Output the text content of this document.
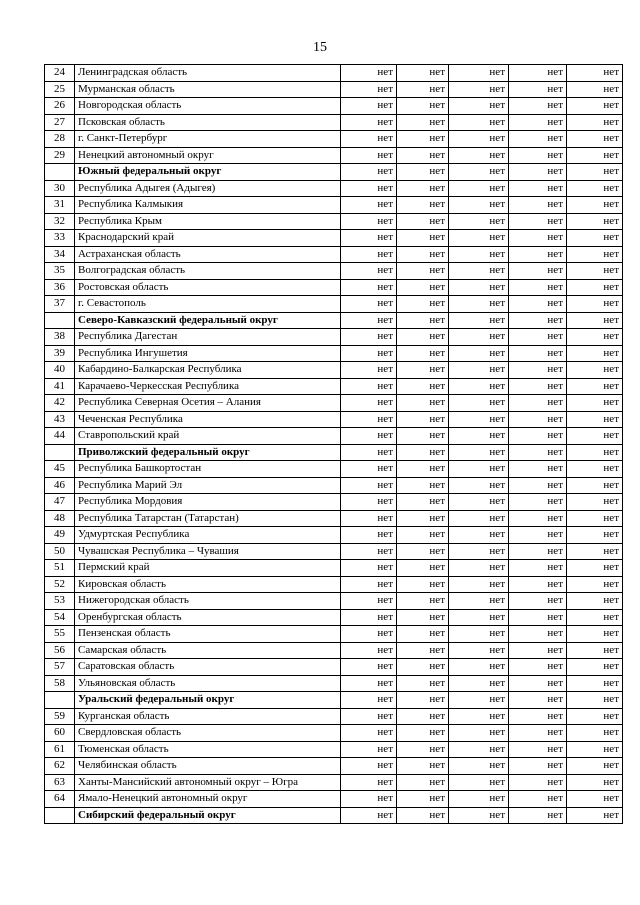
15
24	Ленинградская область	нет	нет	нет	нет	нет
25	Мурманская область	нет	нет	нет	нет	нет
26	Новгородская область	нет	нет	нет	нет	нет
27	Псковская область	нет	нет	нет	нет	нет
28	г. Санкт-Петербург	нет	нет	нет	нет	нет
29	Ненецкий автономный округ	нет	нет	нет	нет	нет
	Южный федеральный округ	нет	нет	нет	нет	нет
30	Республика Адыгея (Адыгея)	нет	нет	нет	нет	нет
31	Республика Калмыкия	нет	нет	нет	нет	нет
32	Республика Крым	нет	нет	нет	нет	нет
33	Краснодарский край	нет	нет	нет	нет	нет
34	Астраханская область	нет	нет	нет	нет	нет
35	Волгоградская область	нет	нет	нет	нет	нет
36	Ростовская область	нет	нет	нет	нет	нет
37	г. Севастополь	нет	нет	нет	нет	нет
	Северо-Кавказский федеральный округ	нет	нет	нет	нет	нет
38	Республика Дагестан	нет	нет	нет	нет	нет
39	Республика Ингушетия	нет	нет	нет	нет	нет
40	Кабардино-Балкарская Республика	нет	нет	нет	нет	нет
41	Карачаево-Черкесская Республика	нет	нет	нет	нет	нет
42	Республика Северная Осетия – Алания	нет	нет	нет	нет	нет
43	Чеченская Республика	нет	нет	нет	нет	нет
44	Ставропольский край	нет	нет	нет	нет	нет
	Приволжский федеральный округ	нет	нет	нет	нет	нет
45	Республика Башкортостан	нет	нет	нет	нет	нет
46	Республика Марий Эл	нет	нет	нет	нет	нет
47	Республика Мордовия	нет	нет	нет	нет	нет
48	Республика Татарстан (Татарстан)	нет	нет	нет	нет	нет
49	Удмуртская Республика	нет	нет	нет	нет	нет
50	Чувашская Республика – Чувашия	нет	нет	нет	нет	нет
51	Пермский край	нет	нет	нет	нет	нет
52	Кировская область	нет	нет	нет	нет	нет
53	Нижегородская область	нет	нет	нет	нет	нет
54	Оренбургская область	нет	нет	нет	нет	нет
55	Пензенская область	нет	нет	нет	нет	нет
56	Самарская область	нет	нет	нет	нет	нет
57	Саратовская область	нет	нет	нет	нет	нет
58	Ульяновская область	нет	нет	нет	нет	нет
	Уральский федеральный округ	нет	нет	нет	нет	нет
59	Курганская область	нет	нет	нет	нет	нет
60	Свердловская область	нет	нет	нет	нет	нет
61	Тюменская область	нет	нет	нет	нет	нет
62	Челябинская область	нет	нет	нет	нет	нет
63	Ханты-Мансийский автономный округ – Югра	нет	нет	нет	нет	нет
64	Ямало-Ненецкий автономный округ	нет	нет	нет	нет	нет
	Сибирский федеральный округ	нет	нет	нет	нет	нет
